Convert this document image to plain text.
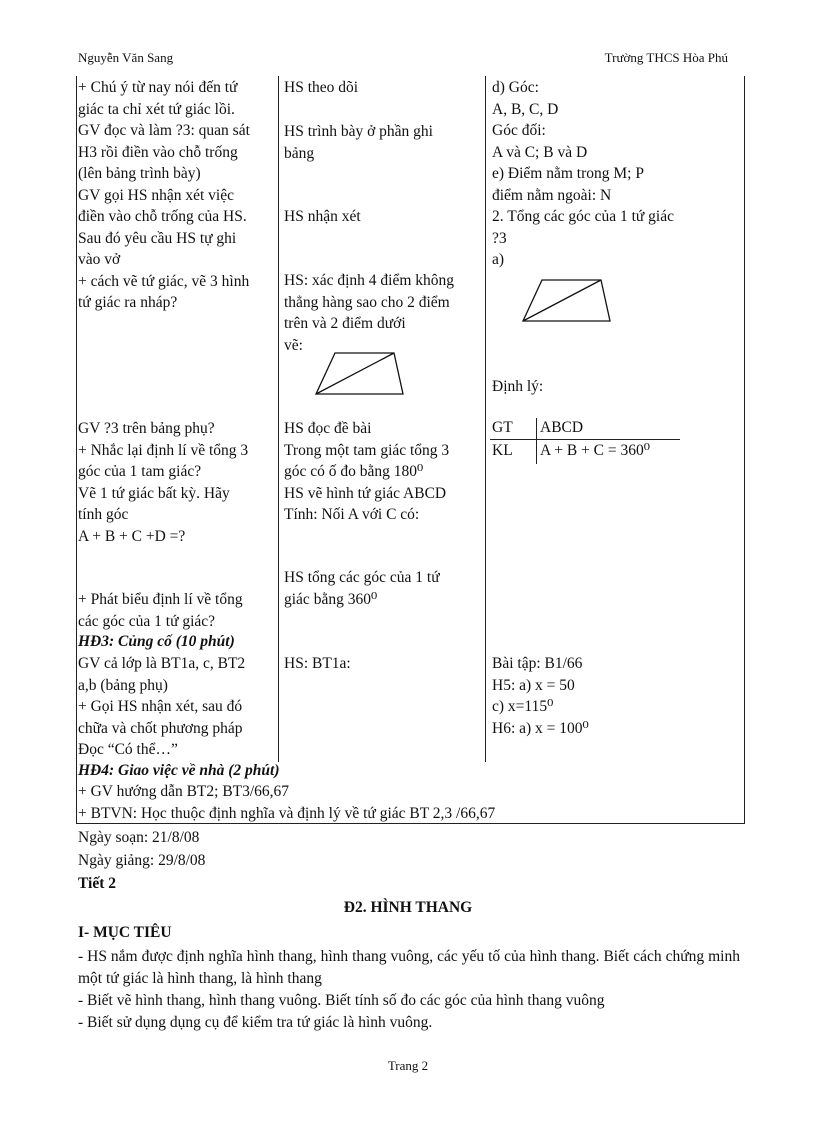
Nguyễn Văn Sang	Trường THCS Hòa Phú
+ Chú ý từ nay nói đến tứ
giác ta chỉ xét tứ giác lồi.
GV đọc và làm ?3: quan sát
H3 rồi điền vào chỗ trống
(lên bảng trình bày)
GV gọi HS nhận xét việc
điền vào chỗ trống của HS.
Sau đó yêu cầu HS tự ghi
vào vở
+ cách vẽ tứ giác, vẽ 3 hình
tứ giác ra nháp?
GV ?3 trên bảng phụ?
+ Nhắc lại định lí về tổng 3
góc của 1 tam giác?
Vẽ 1 tứ giác bất kỳ. Hãy
tính góc
A + B + C +D =?
+ Phát biểu định lí về tổng
các góc của 1 tứ giác?
HĐ3: Củng cố (10 phút)
GV cả lớp là BT1a, c, BT2
a,b (bảng phụ)
+ Gọi HS nhận xét, sau đó
chữa và chốt phương pháp
Đọc “Có thể…”
HS theo dõi
HS trình bày ở phần ghi
bảng
HS nhận xét
HS: xác định 4 điểm không
thẳng hàng sao cho 2 điểm
trên và 2 điểm dưới
vẽ:
HS đọc đề bài
Trong một tam giác tổng 3
góc có ố đo bằng 180⁰
HS vẽ hình tứ giác ABCD
Tính: Nối A với C có:
HS tổng các góc của 1 tứ
giác bằng 360⁰
HS: BT1a:
d) Góc:
A, B, C, D
Góc đối:
A và C; B và D
e) Điểm nằm trong M; P
điểm nằm ngoài: N
2. Tổng các góc của 1 tứ giác
?3
a)
Định lý:
GT ABCD
KL A + B + C = 360⁰
Bài tập: B1/66
H5: a) x = 50
c) x=115⁰
H6: a) x = 100⁰
HĐ4: Giao việc về nhà (2 phút)
+ GV hướng dẫn BT2; BT3/66,67
+ BTVN: Học thuộc định nghĩa và định lý về tứ giác BT 2,3 /66,67
Ngày soạn: 21/8/08
Ngày giảng: 29/8/08
Tiết 2
Đ2. HÌNH THANG
I- MỤC TIÊU
- HS nắm được định nghĩa hình thang, hình thang vuông, các yếu tố của hình thang. Biết cách chứng minh một tứ giác là hình thang, là hình thang
- Biết vẽ hình thang, hình thang vuông. Biết tính số đo các góc của hình thang vuông
- Biết sử dụng dụng cụ để kiểm tra tứ giác là hình vuông.
Trang 2
